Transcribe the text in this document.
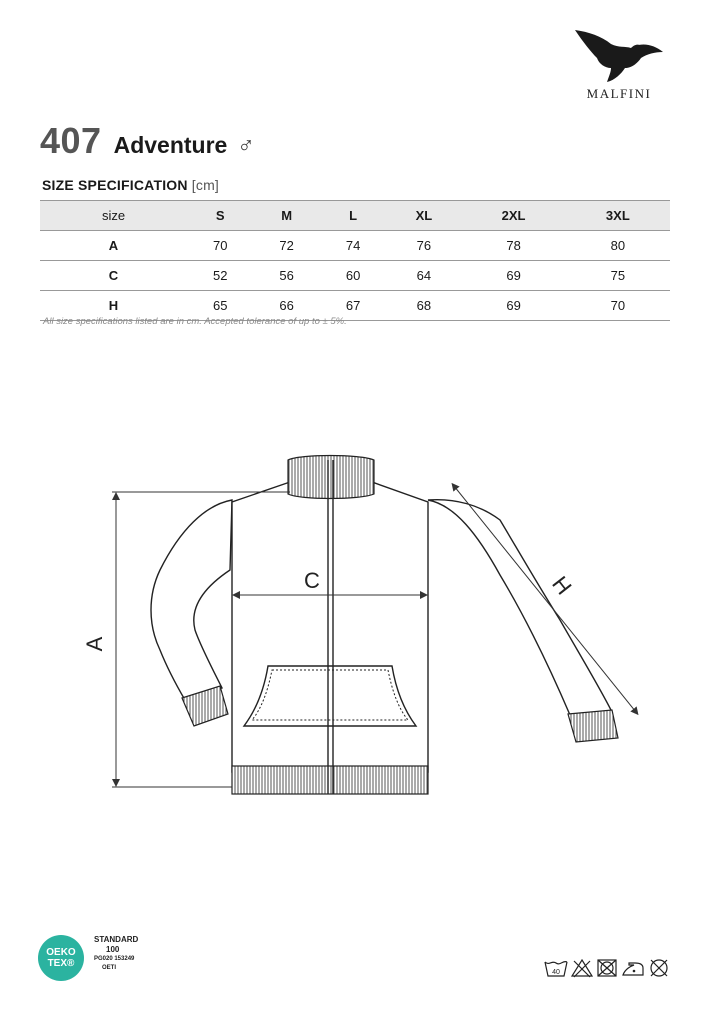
MALFINI
407 Adventure ♂
SIZE SPECIFICATION [cm]
size	S	M	L	XL	2XL	3XL
A	70	72	74	76	78	80
C	52	56	60	64	69	75
H	65	66	67	68	69	70
All size specifications listed are in cm. Accepted tolerance of up to ± 5%.
A
C	H
OEKO
TEX®
STANDARD
100
PG020 153249
OETI
40
